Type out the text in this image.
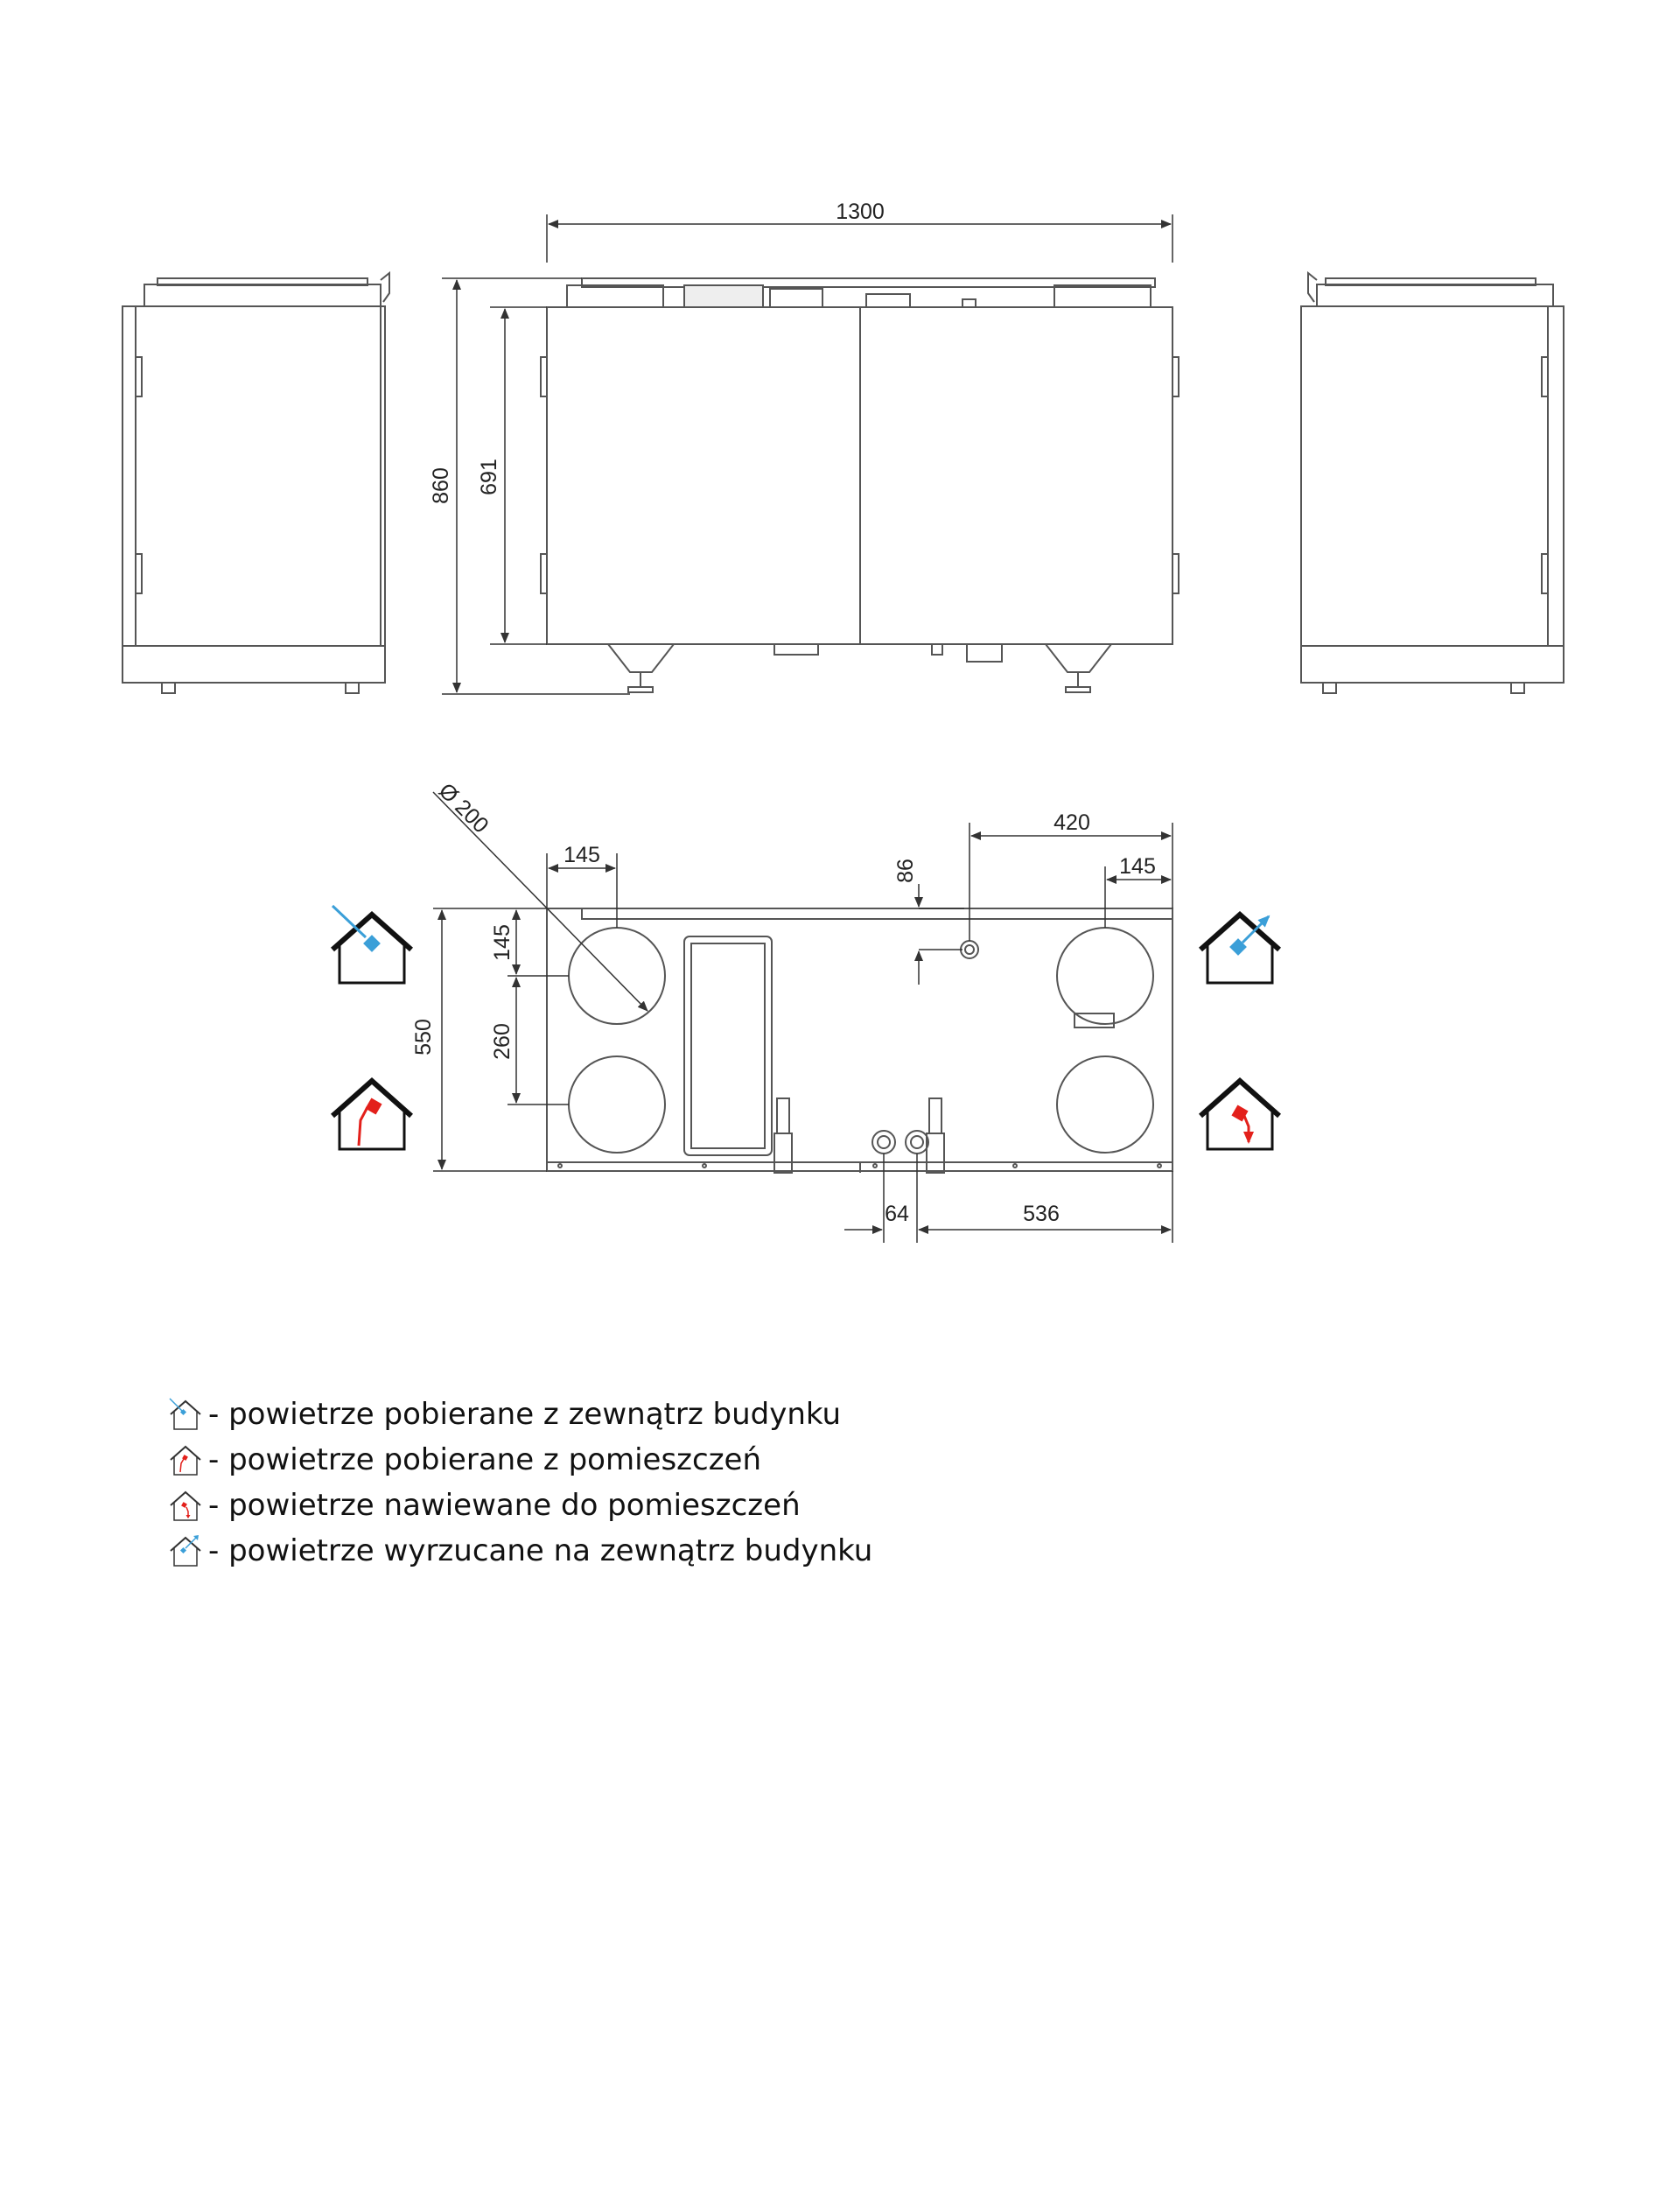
1300
860 691
Ø 200
145
420
145
86
145
260
550
64	536
- powietrze pobierane z zewnątrz budynku
- powietrze pobierane z pomieszczeń
- powietrze nawiewane do pomieszczeń
- powietrze wyrzucane na zewnątrz budynku
